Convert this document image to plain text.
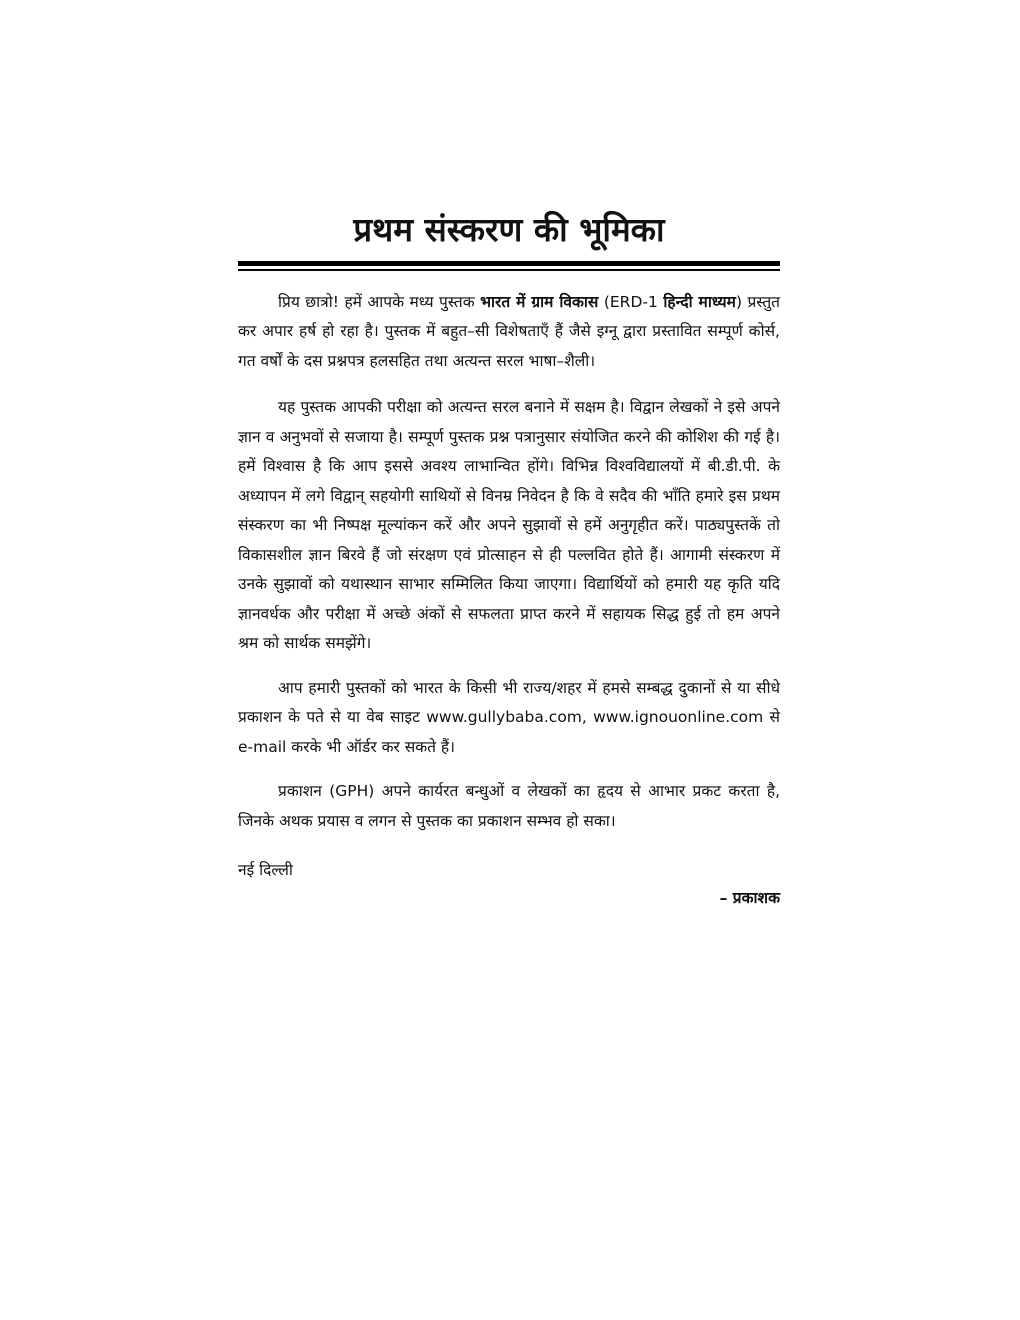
प्रथम संस्करण की भूमिका

प्रिय छात्रो! हमें आपके मध्य पुस्तक भारत में ग्राम विकास (ERD-1 हिन्दी माध्यम) प्रस्तुत कर अपार हर्ष हो रहा है। पुस्तक में बहुत–सी विशेषताएँ हैं जैसे इग्नू द्वारा प्रस्तावित सम्पूर्ण कोर्स, गत वर्षों के दस प्रश्नपत्र हलसहित तथा अत्यन्त सरल भाषा–शैली।

यह पुस्तक आपकी परीक्षा को अत्यन्त सरल बनाने में सक्षम है। विद्वान लेखकों ने इसे अपने ज्ञान व अनुभवों से सजाया है। सम्पूर्ण पुस्तक प्रश्न पत्रानुसार संयोजित करने की कोशिश की गई है। हमें विश्वास है कि आप इससे अवश्य लाभान्वित होंगे। विभिन्न विश्वविद्यालयों में बी.डी.पी. के अध्यापन में लगे विद्वान् सहयोगी साथियों से विनम्र निवेदन है कि वे सदैव की भाँति हमारे इस प्रथम संस्करण का भी निष्पक्ष मूल्यांकन करें और अपने सुझावों से हमें अनुगृहीत करें। पाठ्यपुस्तकें तो विकासशील ज्ञान बिरवे हैं जो संरक्षण एवं प्रोत्साहन से ही पल्लवित होते हैं। आगामी संस्करण में उनके सुझावों को यथास्थान साभार सम्मिलित किया जाएगा। विद्यार्थियों को हमारी यह कृति यदि ज्ञानवर्धक और परीक्षा में अच्छे अंकों से सफलता प्राप्त करने में सहायक सिद्ध हुई तो हम अपने श्रम को सार्थक समझेंगे।

आप हमारी पुस्तकों को भारत के किसी भी राज्य/शहर में हमसे सम्बद्ध दुकानों से या सीधे प्रकाशन के पते से या वेब साइट www.gullybaba.com, www.ignouonline.com से e-mail करके भी ऑर्डर कर सकते हैं।

प्रकाशन (GPH) अपने कार्यरत बन्धुओं व लेखकों का हृदय से आभार प्रकट करता है, जिनके अथक प्रयास व लगन से पुस्तक का प्रकाशन सम्भव हो सका।

नई दिल्ली
– प्रकाशक
